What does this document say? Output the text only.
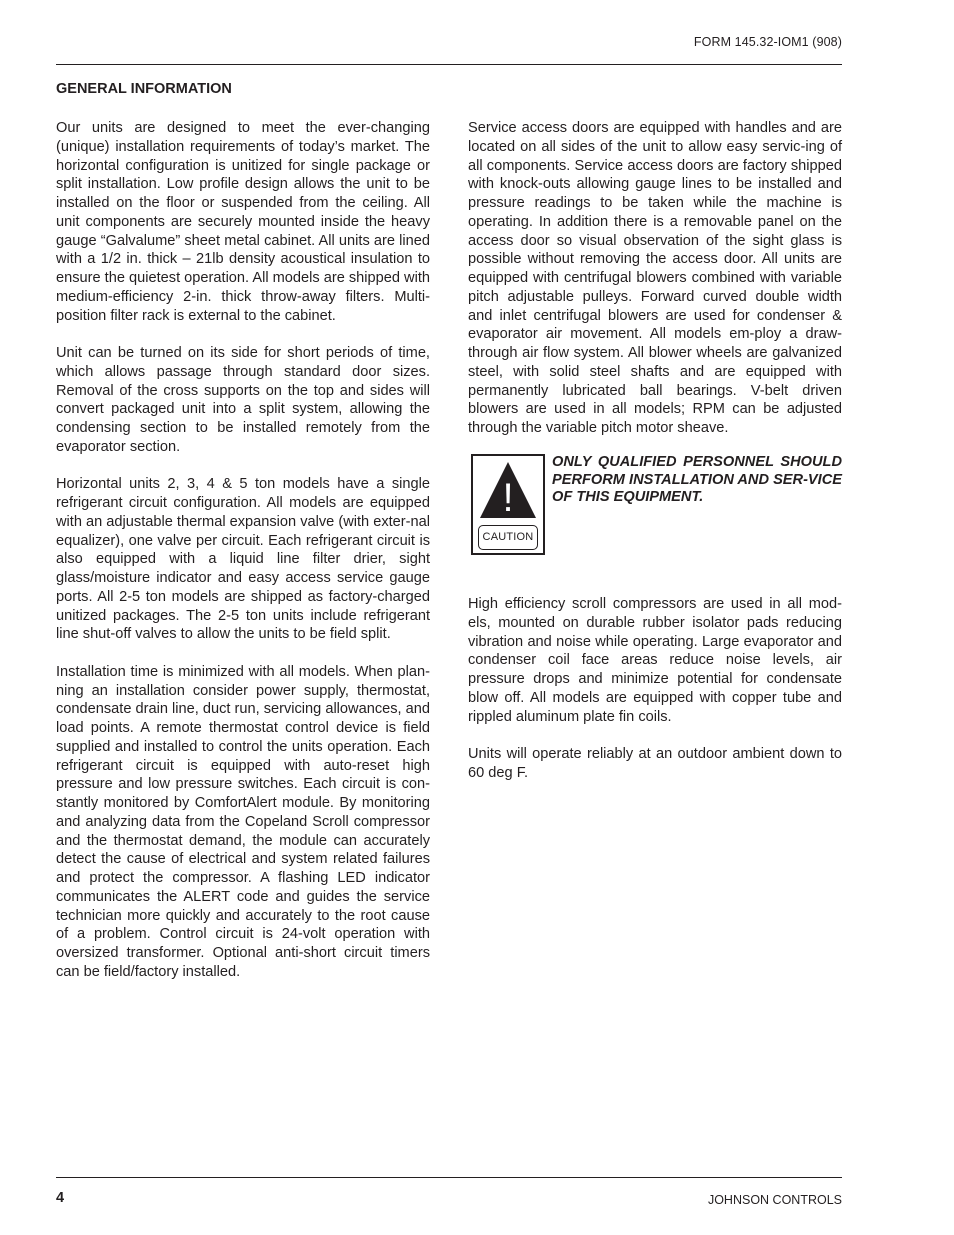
FORM 145.32-IOM1 (908)
GENERAL INFORMATION

Our units are designed to meet the ever-changing (unique) installation requirements of today’s market. The horizontal configuration is unitized for single package or split installation. Low profile design allows the unit to be installed on the floor or suspended from the ceiling. All unit components are securely mounted inside the heavy gauge “Galvalume” sheet metal cabinet. All units are lined with a 1/2 in. thick – 21lb density acoustical insulation to ensure the quietest operation. All models are shipped with medium-efficiency 2-in. thick throw-away filters. Multi-position filter rack is external to the cabinet.

Unit can be turned on its side for short periods of time, which allows passage through standard door sizes. Removal of the cross supports on the top and sides will convert packaged unit into a split system, allowing the condensing section to be installed remotely from the evaporator section.

Horizontal units 2, 3, 4 & 5 ton models have a single refrigerant circuit configuration. All models are equipped with an adjustable thermal expansion valve (with exter-nal equalizer), one valve per circuit. Each refrigerant circuit is also equipped with a liquid line filter drier, sight glass/moisture indicator and easy access service gauge ports. All 2-5 ton models are shipped as factory-charged unitized packages. The 2-5 ton units include refrigerant line shut-off valves to allow the units to be field split.

Installation time is minimized with all models. When plan-ning an installation consider power supply, thermostat, condensate drain line, duct run, servicing allowances, and load points. A remote thermostat control device is field supplied and installed to control the units operation. Each refrigerant circuit is equipped with auto-reset high pressure and low pressure switches. Each circuit is con-stantly monitored by ComfortAlert module. By monitoring and analyzing data from the Copeland Scroll compressor and the thermostat demand, the module can accurately detect the cause of electrical and system related failures and protect the compressor. A flashing LED indicator communicates the ALERT code and guides the service technician more quickly and accurately to the root cause of a problem. Control circuit is 24-volt operation with oversized transformer. Optional anti-short circuit timers can be field/factory installed.

Service access doors are equipped with handles and are located on all sides of the unit to allow easy servic-ing of all components. Service access doors are factory shipped with knock-outs allowing gauge lines to be installed and pressure readings to be taken while the machine is operating. In addition there is a removable panel on the access door so visual observation of the sight glass is possible without removing the access door. All units are equipped with centrifugal blowers combined with variable pitch adjustable pulleys. Forward curved double width and inlet centrifugal blowers are used for condenser & evaporator air movement. All models em-ploy a draw-through air flow system. All blower wheels are galvanized steel, with solid steel shafts and are equipped with permanently lubricated ball bearings. V-belt driven blowers are used in all models; RPM can be adjusted through the variable pitch motor sheave.

!
CAUTION

ONLY QUALIFIED PERSONNEL SHOULD PERFORM INSTALLATION AND SER-VICE OF THIS EQUIPMENT.

High efficiency scroll compressors are used in all mod-els, mounted on durable rubber isolator pads reducing vibration and noise while operating. Large evaporator and condenser coil face areas reduce noise levels, air pressure drops and minimize potential for condensate blow off. All models are equipped with copper tube and rippled aluminum plate fin coils.

Units will operate reliably at an outdoor ambient down to 60 deg F.

4	JOHNSON CONTROLS
